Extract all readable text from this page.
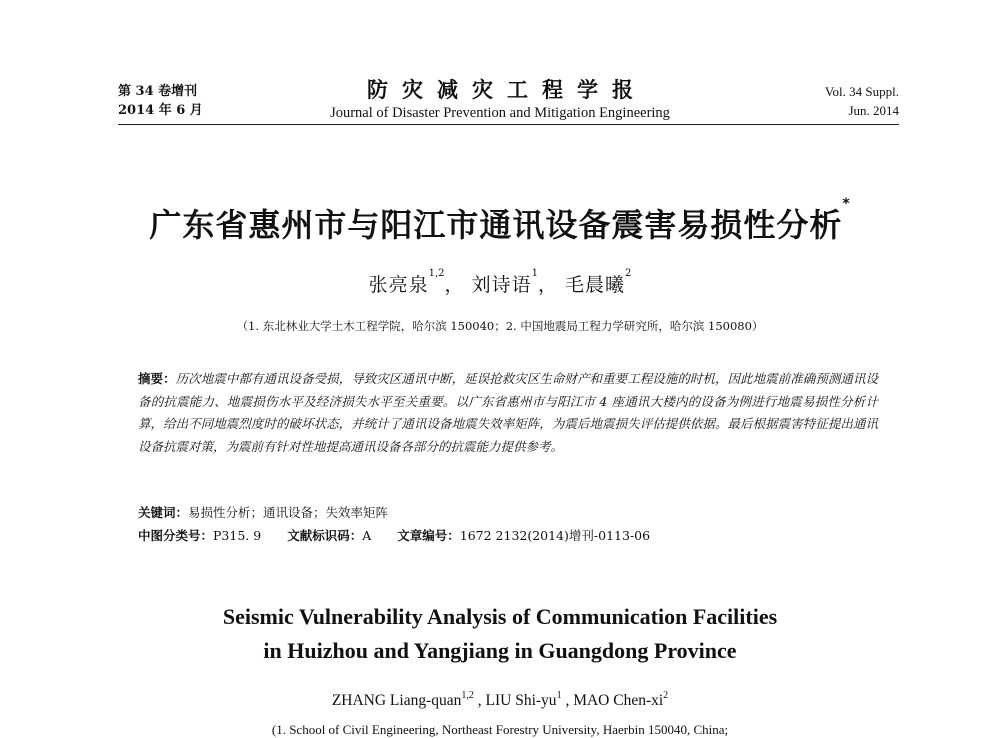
第 34 卷增刊
2014 年 6 月
防灾减灾工程学报
Journal of Disaster Prevention and Mitigation Engineering
Vol. 34 Suppl.
Jun. 2014
广东省惠州市与阳江市通讯设备震害易损性分析*
张亮泉$^{1,2}$， 刘诗语$^1$， 毛晨曦$^2$
（1. 东北林业大学土木工程学院，哈尔滨 150040；2. 中国地震局工程力学研究所，哈尔滨 150080）
摘要：历次地震中都有通讯设备受损，导致灾区通讯中断，延误抢救灾区生命财产和重要工程设施的时机，因此地震前准确预测通讯设备的抗震能力、地震损伤水平及经济损失水平至关重要。以广东省惠州市与阳江市 4 座通讯大楼内的设备为例进行地震易损性分析计算，给出不同地震烈度时的破坏状态，并统计了通讯设备地震失效率矩阵，为震后地震损失评估提供依据。最后根据震害特征提出通讯设备抗震对策，为震前有针对性地提高通讯设备各部分的抗震能力提供参考。
关键词：易损性分析；通讯设备；失效率矩阵
中图分类号：P315. 9 文献标识码：A 文章编号：1672 2132(2014)增刊-0113-06
Seismic Vulnerability Analysis of Communication Facilities
in Huizhou and Yangjiang in Guangdong Province
ZHANG Liang-quan$^{1,2}$ , LIU Shi-$yu^1$ , MAO Chen-$xi^2$
(1. School of Civil Engineering, Northeast Forestry University, Haerbin 150040, China;
